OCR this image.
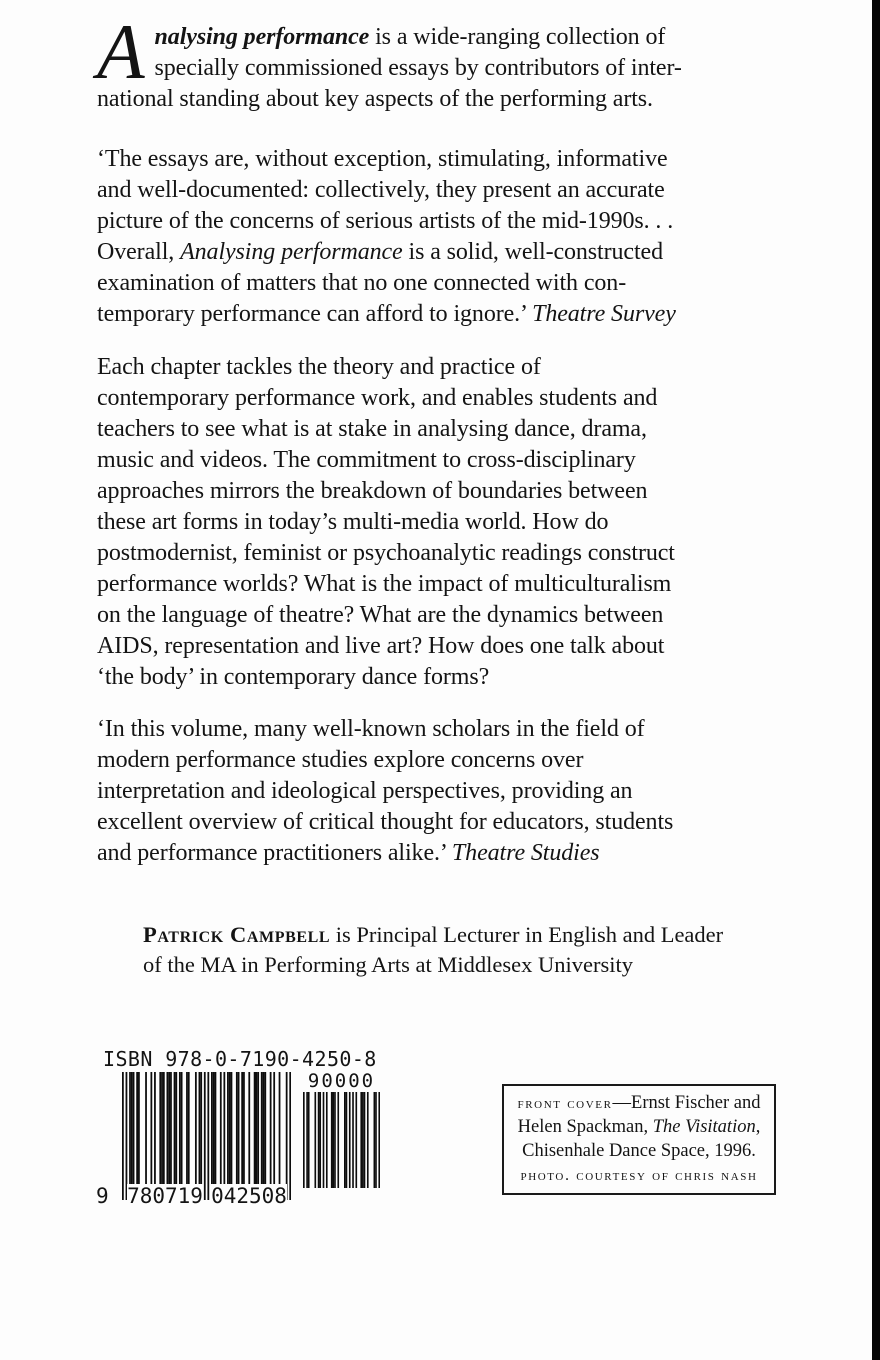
A nalysing performance is a wide-ranging collection of
specially commissioned essays by contributors of inter-
national standing about key aspects of the performing arts.
‘The essays are, without exception, stimulating, informative
and well-documented: collectively, they present an accurate
picture of the concerns of serious artists of the mid-1990s. . .
Overall, Analysing performance is a solid, well-constructed
examination of matters that no one connected with con-
temporary performance can afford to ignore.’ Theatre Survey
Each chapter tackles the theory and practice of
contemporary performance work, and enables students and
teachers to see what is at stake in analysing dance, drama,
music and videos. The commitment to cross-disciplinary
approaches mirrors the breakdown of boundaries between
these art forms in today’s multi-media world. How do
postmodernist, feminist or psychoanalytic readings construct
performance worlds? What is the impact of multiculturalism
on the language of theatre? What are the dynamics between
AIDS, representation and live art? How does one talk about
‘the body’ in contemporary dance forms?
‘In this volume, many well-known scholars in the field of
modern performance studies explore concerns over
interpretation and ideological perspectives, providing an
excellent overview of critical thought for educators, students
and performance practitioners alike.’ Theatre Studies
Patrick Campbell is Principal Lecturer in English and Leader
of the MA in Performing Arts at Middlesex University
ISBN 978-0-7190-4250-8
9 780719 042508
90000
front cover—Ernst Fischer and
Helen Spackman, The Visitation,
Chisenhale Dance Space, 1996.
photo. courtesy of chris nash
